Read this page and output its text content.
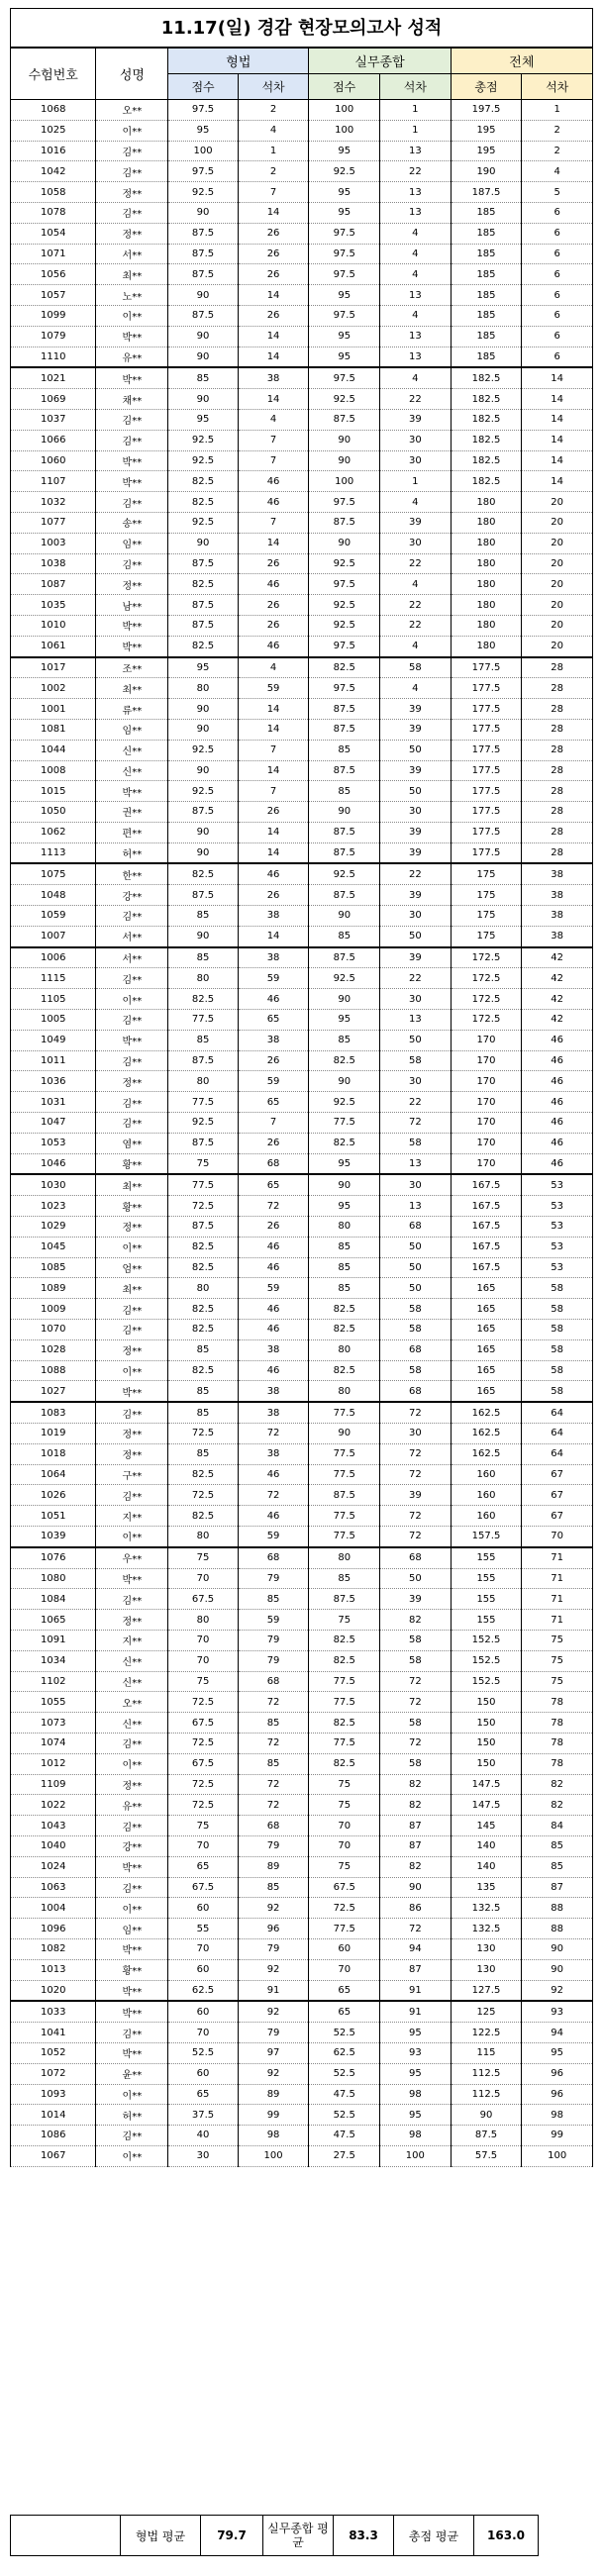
11.17(일) 경감 현장모의고사 성적
수험번호	성명	형법		실무종합		전체	
		점수	석차	점수	석차	총점	석차
1068	오**	97.5	2	100	1	197.5	1
1025	이**	95	4	100	1	195	2
1016	김**	100	1	95	13	195	2
1042	김**	97.5	2	92.5	22	190	4
1058	정**	92.5	7	95	13	187.5	5
1078	김**	90	14	95	13	185	6
1054	정**	87.5	26	97.5	4	185	6
1071	서**	87.5	26	97.5	4	185	6
1056	최**	87.5	26	97.5	4	185	6
1057	노**	90	14	95	13	185	6
1099	이**	87.5	26	97.5	4	185	6
1079	박**	90	14	95	13	185	6
1110	유**	90	14	95	13	185	6
1021	박**	85	38	97.5	4	182.5	14
1069	채**	90	14	92.5	22	182.5	14
1037	김**	95	4	87.5	39	182.5	14
1066	김**	92.5	7	90	30	182.5	14
1060	박**	92.5	7	90	30	182.5	14
1107	박**	82.5	46	100	1	182.5	14
1032	김**	82.5	46	97.5	4	180	20
1077	송**	92.5	7	87.5	39	180	20
1003	임**	90	14	90	30	180	20
1038	김**	87.5	26	92.5	22	180	20
1087	정**	82.5	46	97.5	4	180	20
1035	남**	87.5	26	92.5	22	180	20
1010	박**	87.5	26	92.5	22	180	20
1061	박**	82.5	46	97.5	4	180	20
1017	조**	95	4	82.5	58	177.5	28
1002	최**	80	59	97.5	4	177.5	28
1001	류**	90	14	87.5	39	177.5	28
1081	임**	90	14	87.5	39	177.5	28
1044	신**	92.5	7	85	50	177.5	28
1008	신**	90	14	87.5	39	177.5	28
1015	박**	92.5	7	85	50	177.5	28
1050	권**	87.5	26	90	30	177.5	28
1062	편**	90	14	87.5	39	177.5	28
1113	허**	90	14	87.5	39	177.5	28
1075	한**	82.5	46	92.5	22	175	38
1048	강**	87.5	26	87.5	39	175	38
1059	김**	85	38	90	30	175	38
1007	서**	90	14	85	50	175	38
1006	서**	85	38	87.5	39	172.5	42
1115	김**	80	59	92.5	22	172.5	42
1105	이**	82.5	46	90	30	172.5	42
1005	김**	77.5	65	95	13	172.5	42
1049	박**	85	38	85	50	170	46
1011	김**	87.5	26	82.5	58	170	46
1036	정**	80	59	90	30	170	46
1031	김**	77.5	65	92.5	22	170	46
1047	김**	92.5	7	77.5	72	170	46
1053	염**	87.5	26	82.5	58	170	46
1046	황**	75	68	95	13	170	46
1030	최**	77.5	65	90	30	167.5	53
1023	황**	72.5	72	95	13	167.5	53
1029	정**	87.5	26	80	68	167.5	53
1045	이**	82.5	46	85	50	167.5	53
1085	엄**	82.5	46	85	50	167.5	53
1089	최**	80	59	85	50	165	58
1009	김**	82.5	46	82.5	58	165	58
1070	김**	82.5	46	82.5	58	165	58
1028	정**	85	38	80	68	165	58
1088	이**	82.5	46	82.5	58	165	58
1027	박**	85	38	80	68	165	58
1083	김**	85	38	77.5	72	162.5	64
1019	정**	72.5	72	90	30	162.5	64
1018	정**	85	38	77.5	72	162.5	64
1064	구**	82.5	46	77.5	72	160	67
1026	김**	72.5	72	87.5	39	160	67
1051	지**	82.5	46	77.5	72	160	67
1039	이**	80	59	77.5	72	157.5	70
1076	우**	75	68	80	68	155	71
1080	박**	70	79	85	50	155	71
1084	김**	67.5	85	87.5	39	155	71
1065	정**	80	59	75	82	155	71
1091	지**	70	79	82.5	58	152.5	75
1034	신**	70	79	82.5	58	152.5	75
1102	신**	75	68	77.5	72	152.5	75
1055	오**	72.5	72	77.5	72	150	78
1073	신**	67.5	85	82.5	58	150	78
1074	김**	72.5	72	77.5	72	150	78
1012	이**	67.5	85	82.5	58	150	78
1109	정**	72.5	72	75	82	147.5	82
1022	유**	72.5	72	75	82	147.5	82
1043	김**	75	68	70	87	145	84
1040	강**	70	79	70	87	140	85
1024	박**	65	89	75	82	140	85
1063	김**	67.5	85	67.5	90	135	87
1004	이**	60	92	72.5	86	132.5	88
1096	임**	55	96	77.5	72	132.5	88
1082	박**	70	79	60	94	130	90
1013	황**	60	92	70	87	130	90
1020	박**	62.5	91	65	91	127.5	92
1033	박**	60	92	65	91	125	93
1041	김**	70	79	52.5	95	122.5	94
1052	박**	52.5	97	62.5	93	115	95
1072	윤**	60	92	52.5	95	112.5	96
1093	이**	65	89	47.5	98	112.5	96
1014	허**	37.5	99	52.5	95	90	98
1086	김**	40	98	47.5	98	87.5	99
1067	이**	30	100	27.5	100	57.5	100
	형법 평균	79.7	실무종합 평균	83.3	총점 평균	163.0
